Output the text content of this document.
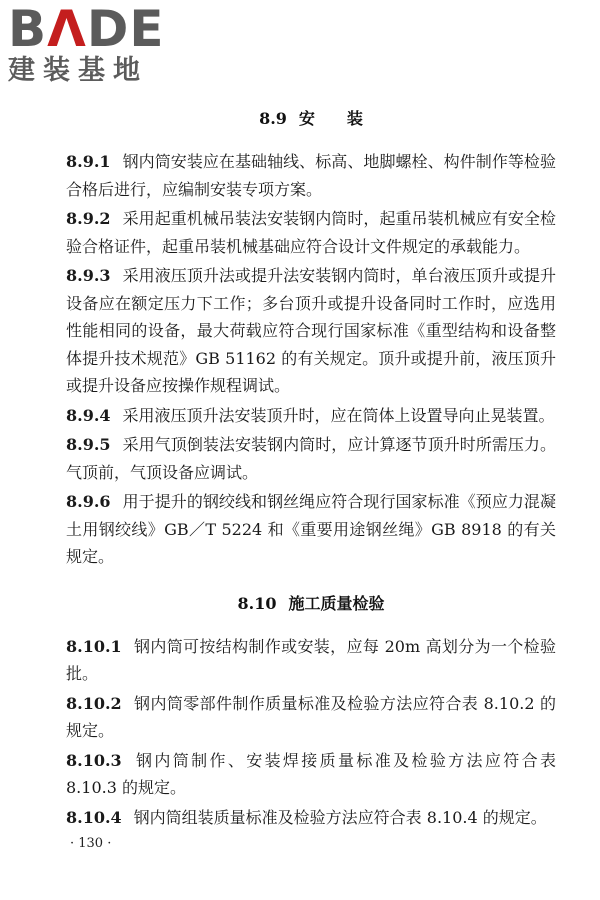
BΛDE
建装基地
8.9 安　　装

8.9.1 钢内筒安装应在基础轴线、标高、地脚螺栓、构件制作等检验合格后进行，应编制安装专项方案。

8.9.2 采用起重机械吊装法安装钢内筒时，起重吊装机械应有安全检验合格证件，起重吊装机械基础应符合设计文件规定的承载能力。

8.9.3 采用液压顶升法或提升法安装钢内筒时，单台液压顶升或提升设备应在额定压力下工作；多台顶升或提升设备同时工作时，应选用性能相同的设备，最大荷载应符合现行国家标准《重型结构和设备整体提升技术规范》GB 51162 的有关规定。顶升或提升前，液压顶升或提升设备应按操作规程调试。

8.9.4 采用液压顶升法安装顶升时，应在筒体上设置导向止晃装置。

8.9.5 采用气顶倒装法安装钢内筒时，应计算逐节顶升时所需压力。气顶前，气顶设备应调试。

8.9.6 用于提升的钢绞线和钢丝绳应符合现行国家标准《预应力混凝土用钢绞线》GB／T 5224 和《重要用途钢丝绳》GB 8918 的有关规定。

8.10 施工质量检验

8.10.1 钢内筒可按结构制作或安装，应每 20m 高划分为一个检验批。

8.10.2 钢内筒零部件制作质量标准及检验方法应符合表 8.10.2 的规定。

8.10.3 钢内筒制作、安装焊接质量标准及检验方法应符合表 8.10.3 的规定。

8.10.4 钢内筒组装质量标准及检验方法应符合表 8.10.4 的规定。

· 130 ·
